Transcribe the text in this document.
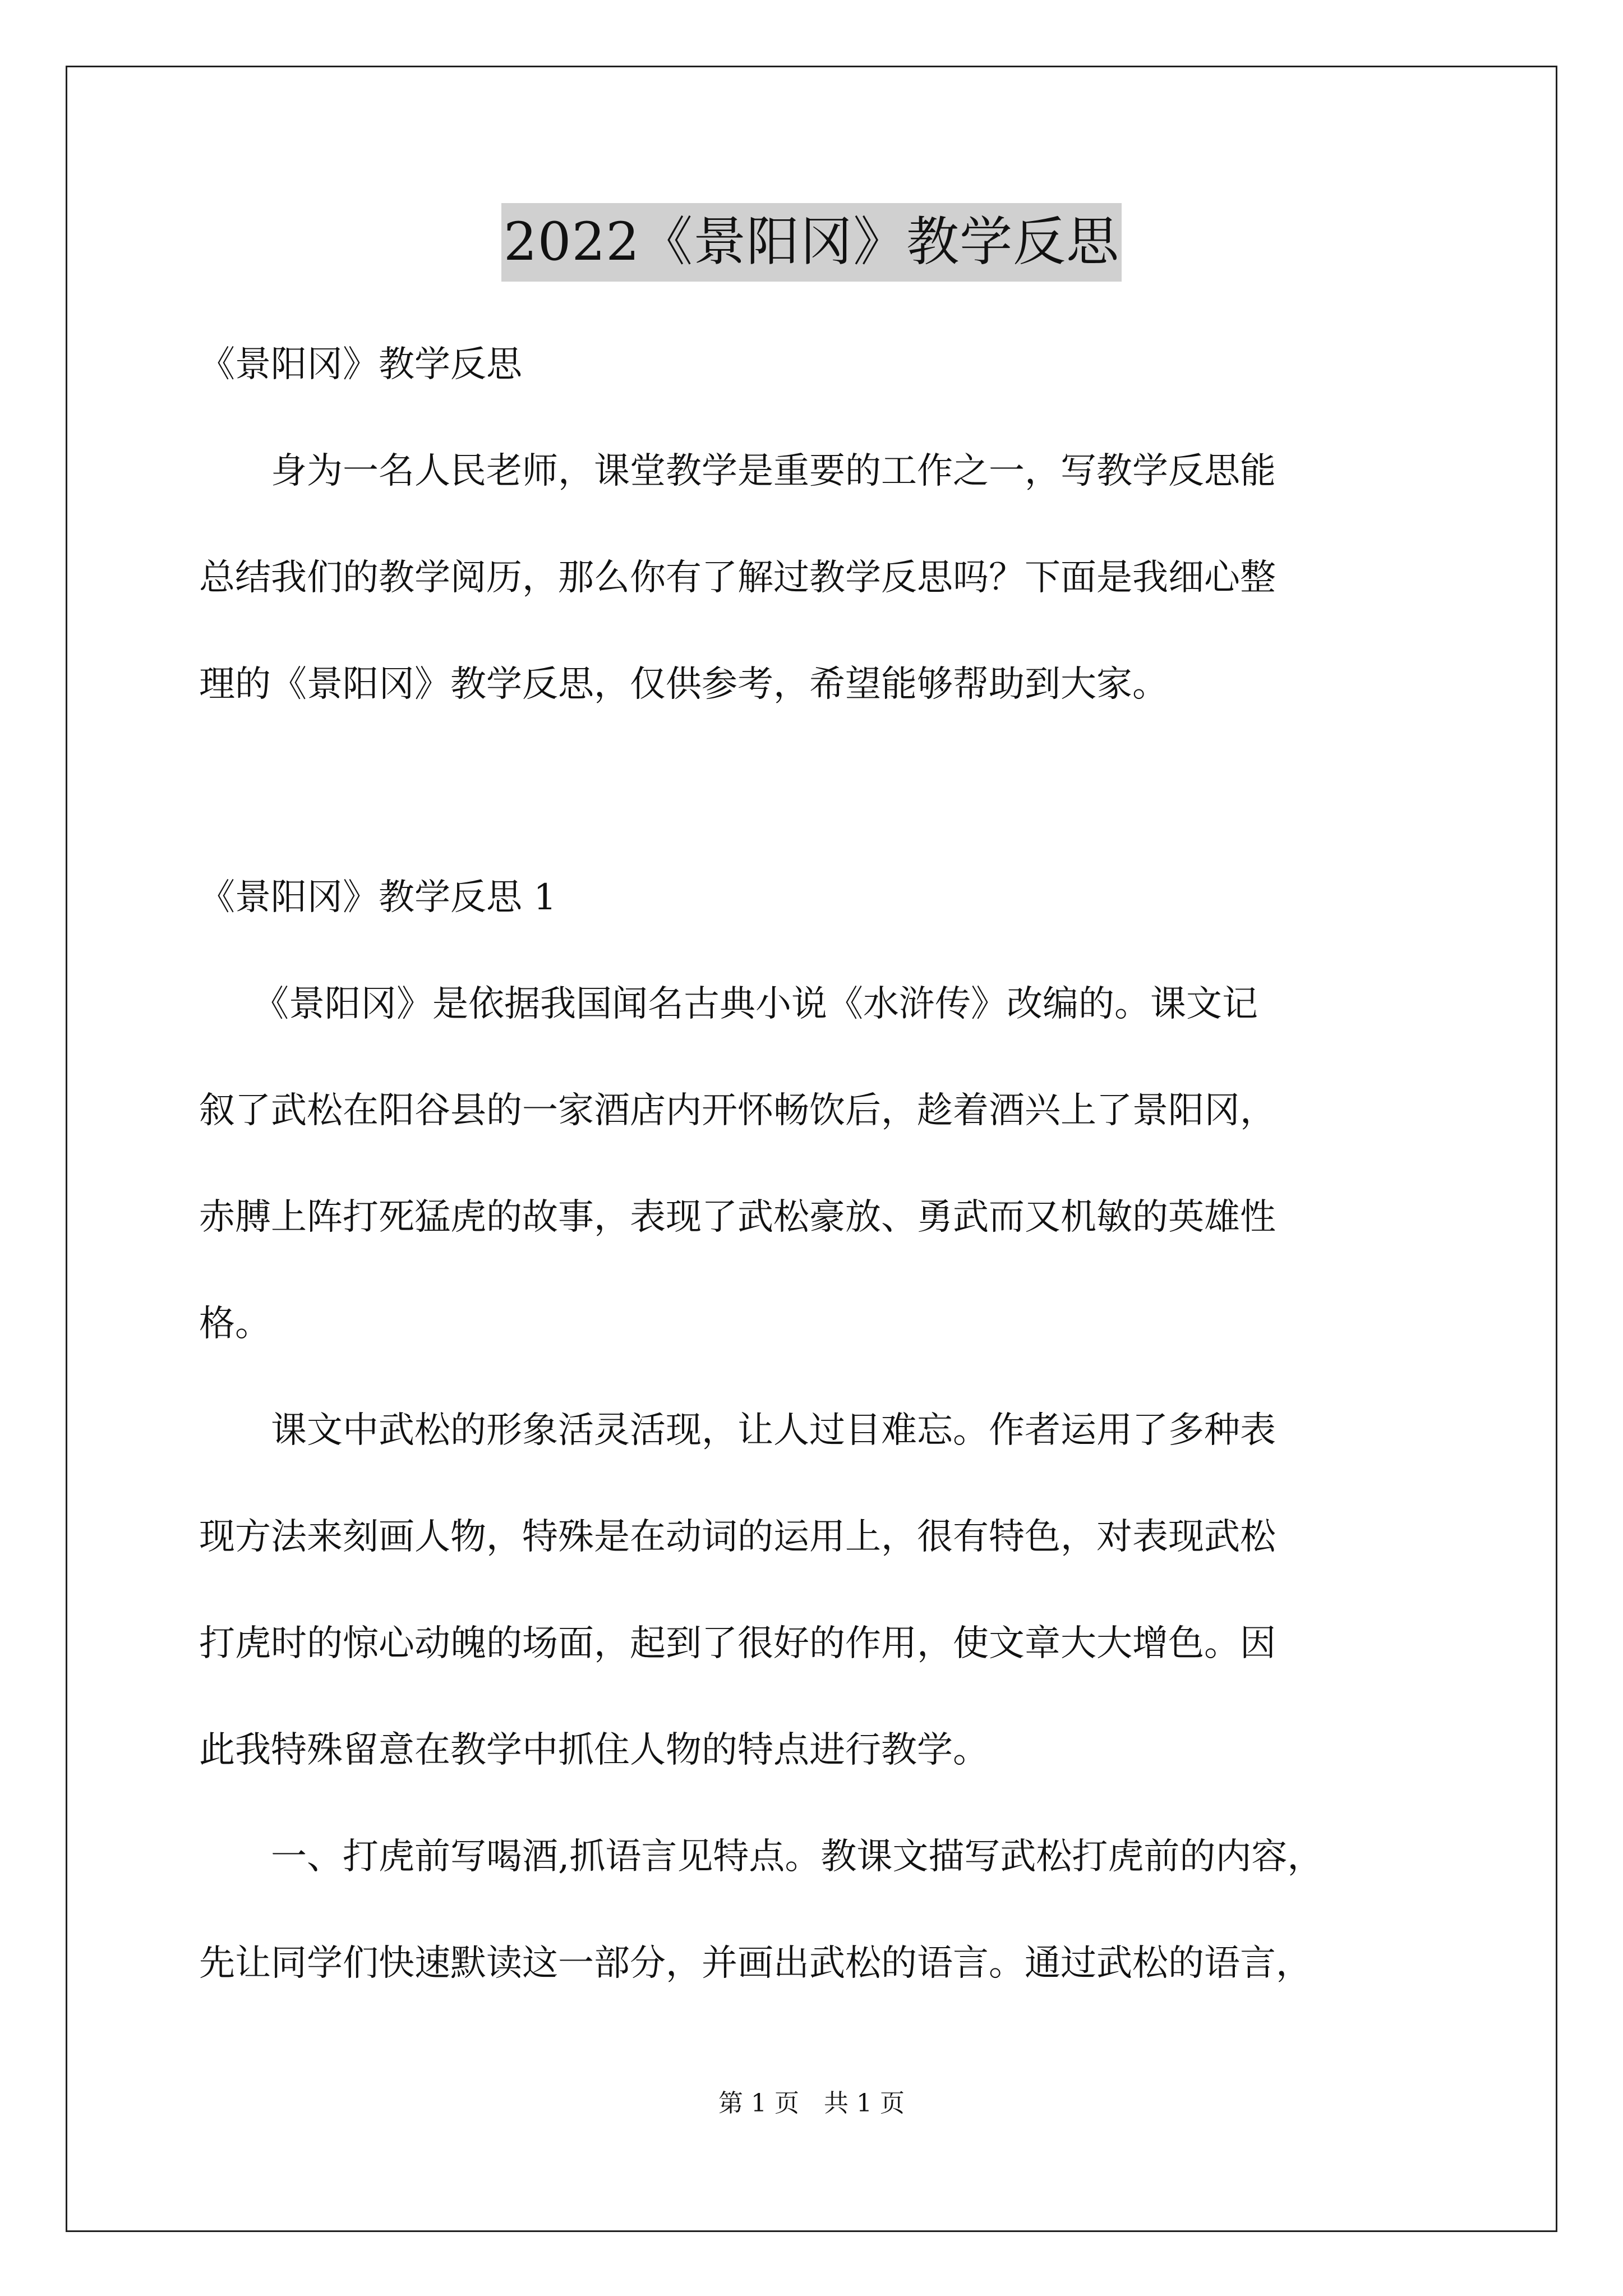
2022《景阳冈》教学反思
《景阳冈》教学反思
　　身为一名人民老师，课堂教学是重要的工作之一，写教学反思能
总结我们的教学阅历，那么你有了解过教学反思吗？下面是我细心整
理的《景阳冈》教学反思，仅供参考，希望能够帮助到大家。
《景阳冈》教学反思 1
　　《景阳冈》是依据我国闻名古典小说《水浒传》改编的。课文记
叙了武松在阳谷县的一家酒店内开怀畅饮后，趁着酒兴上了景阳冈，
赤膊上阵打死猛虎的故事，表现了武松豪放、勇武而又机敏的英雄性
格。
　　课文中武松的形象活灵活现，让人过目难忘。作者运用了多种表
现方法来刻画人物，特殊是在动词的运用上，很有特色，对表现武松
打虎时的惊心动魄的场面，起到了很好的作用，使文章大大增色。因
此我特殊留意在教学中抓住人物的特点进行教学。
　　一、打虎前写喝酒,抓语言见特点。教课文描写武松打虎前的内容，
先让同学们快速默读这一部分，并画出武松的语言。通过武松的语言，
第 1 页　共 1 页
